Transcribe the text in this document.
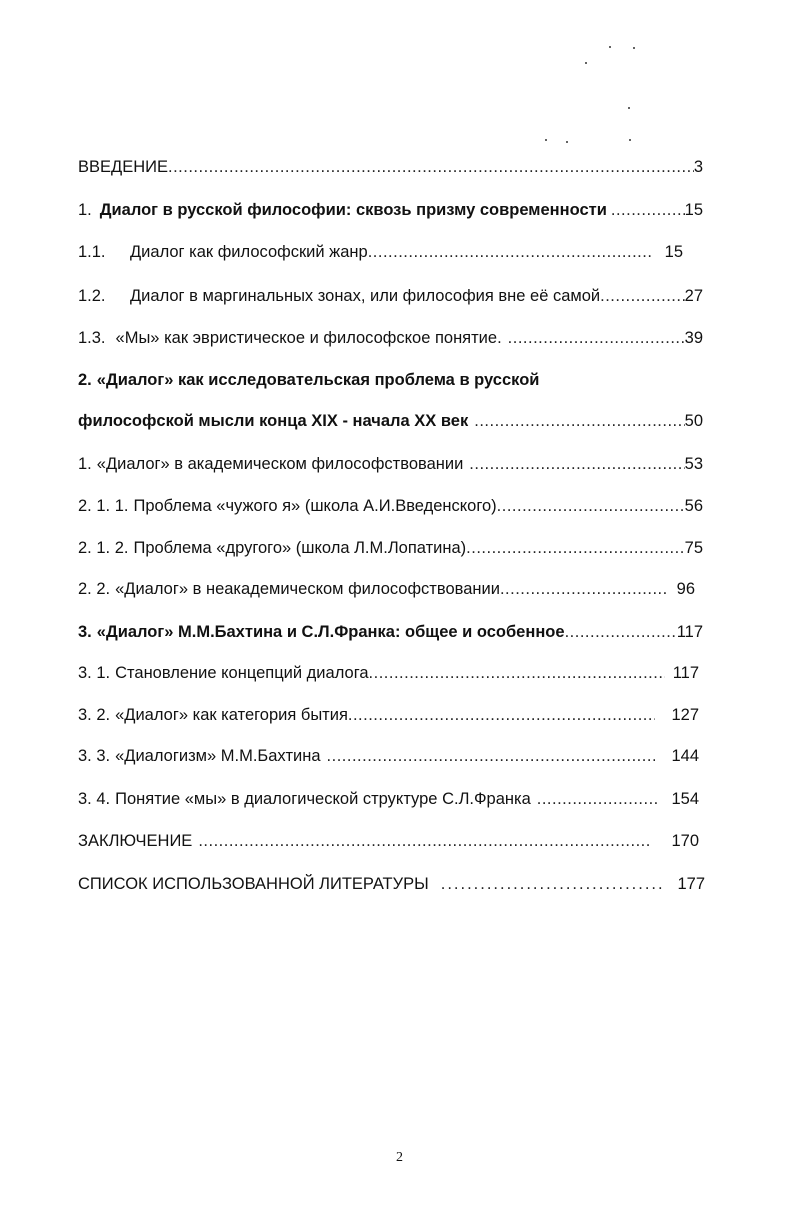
ВВЕДЕНИЕ .....	3
1. Диалог в русской философии: сквозь призму современности .....	15
1.1.	Диалог как философский жанр .....	15
1.2.	Диалог в маргинальных зонах, или философия вне её самой .....	27
1.3. «Мы» как эвристическое и философское понятие. .....	39
2. «Диалог» как исследовательская проблема в русской
философской мысли конца XIX - начала XX век .....	50
1. «Диалог» в академическом философствовании .....	53
2. 1. 1. Проблема «чужого я» (школа А.И.Введенского) .....	56
2. 1. 2. Проблема «другого» (школа Л.М.Лопатина) .....	75
2. 2. «Диалог» в неакадемическом философствовании .....	96
3. «Диалог» М.М.Бахтина и С.Л.Франка: общее и особенное .....	117
3. 1. Становление концепций диалога .....	117
3. 2. «Диалог» как категория бытия .....	127
3. 3. «Диалогизм» М.М.Бахтина .....	144
3. 4. Понятие «мы» в диалогической структуре С.Л.Франка .....	154
ЗАКЛЮЧЕНИЕ .....	170
СПИСОК ИСПОЛЬЗОВАННОЙ ЛИТЕРАТУРЫ .....	177
2
